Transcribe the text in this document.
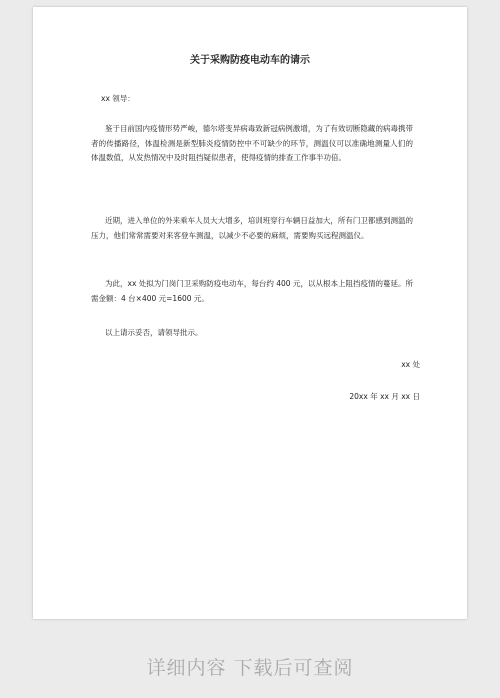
关于采购防疫电动车的请示
xx 领导：
鉴于目前国内疫情形势严峻，德尔塔变异病毒致新冠病例激增，为了有效切断隐藏的病毒携带者的传播路径，体温检测是新型肺炎疫情防控中不可缺少的环节，测温仪可以准确地测量人们的体温数值，从发热情况中及时阻挡疑似患者，使得疫情的排查工作事半功倍。
近期，进入单位的外来乘车人员大大增多，培训班穿行车辆日益加大，所有门卫都感到测温的压力，他们常常需要对来客登车测温，以减少不必要的麻烦，需要购买远程测温仪。
为此，xx 处拟为门岗门卫采购防疫电动车，每台约 400 元，以从根本上阻挡疫情的蔓延。所需金额：4 台×400 元=1600 元。
以上请示妥否，请领导批示。
xx 处
20xx 年 xx 月 xx 日
详细内容 下载后可查阅
